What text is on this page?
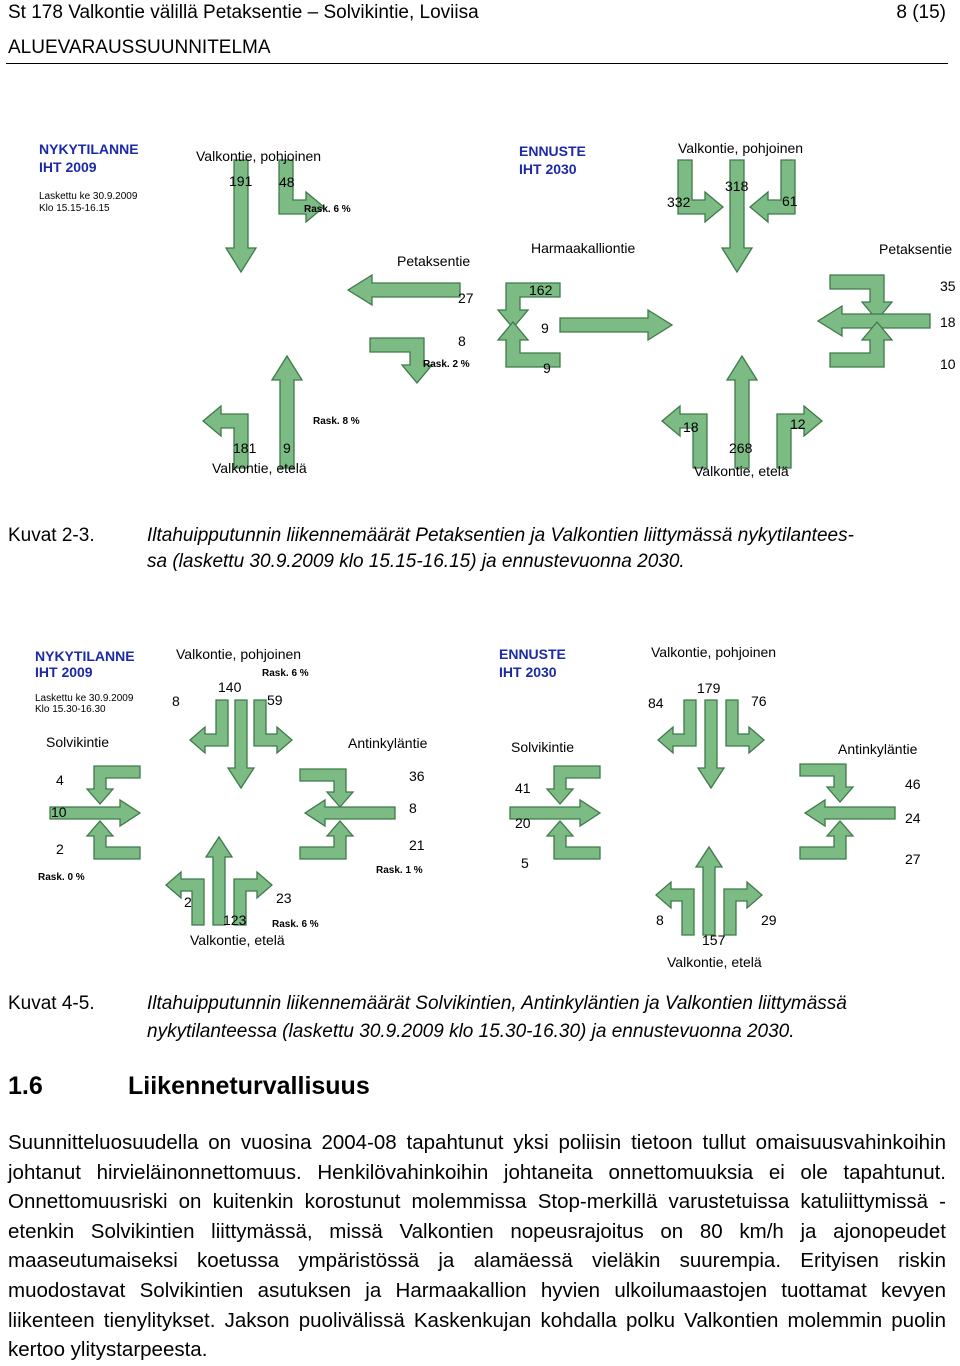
St 178 Valkontie välillä Petaksentie – Solvikintie, Loviisa	8 (15)
ALUEVARAUSSUUNNITELMA
NYKYTILANNE
IHT 2009
Laskettu ke 30.9.2009
Klo 15.15-16.15
Valkontie, pohjoinen
191 48
Rask. 6 %
Petaksentie
27
8
Rask. 2 %
Rask. 8 %
181 9
Valkontie, etelä
ENNUSTE
IHT 2030
Valkontie, pohjoinen
318
332	61
Harmaakalliontie
162
9
9
Petaksentie
35
18
10
18
268
12
Valkontie, etelä
Kuvat 2-3.	Iltahuipputunnin liikennemäärät Petaksentien ja Valkontien liittymässä nykytilantees-
sa (laskettu 30.9.2009 klo 15.15-16.15) ja ennustevuonna 2030.
NYKYTILANNE
IHT 2009
Laskettu ke 30.9.2009
Klo 15.30-16.30
Valkontie, pohjoinen
Rask. 6 %
8
140
59
Solvikintie
4
10
2
Rask. 0 %
Antinkyläntie
36
8
21
Rask. 1 %
2	23
123	Rask. 6 %
Valkontie, etelä
ENNUSTE
IHT 2030
Valkontie, pohjoinen
179
84	76
Solvikintie
41
20
5
Antinkyläntie
46
24
27
8	29
157
Valkontie, etelä
Kuvat 4-5.	Iltahuipputunnin liikennemäärät Solvikintien, Antinkyläntien ja Valkontien liittymässä
nykytilanteessa (laskettu 30.9.2009 klo 15.30-16.30) ja ennustevuonna 2030.
1.6	Liikenneturvallisuus
Suunnitteluosuudella on vuosina 2004-08 tapahtunut yksi poliisin tietoon tullut omaisuusvahinkoihin johtanut hirvieläinonnettomuus. Henkilövahinkoihin johtaneita onnettomuuksia ei ole tapahtunut. Onnettomuusriski on kuitenkin korostunut molemmissa Stop-merkillä varustetuissa katuliittymissä - etenkin Solvikintien liittymässä, missä Valkontien nopeusrajoitus on 80 km/h ja ajonopeudet maaseutumaiseksi koetussa ympäristössä ja alamäessä vieläkin suurempia. Erityisen riskin muodostavat Solvikintien asutuksen ja Harmaakallion hyvien ulkoilumaastojen tuottamat kevyen liikenteen tienylitykset. Jakson puolivälissä Kaskenkujan kohdalla polku Valkontien molemmin puolin kertoo ylitystarpeesta.
